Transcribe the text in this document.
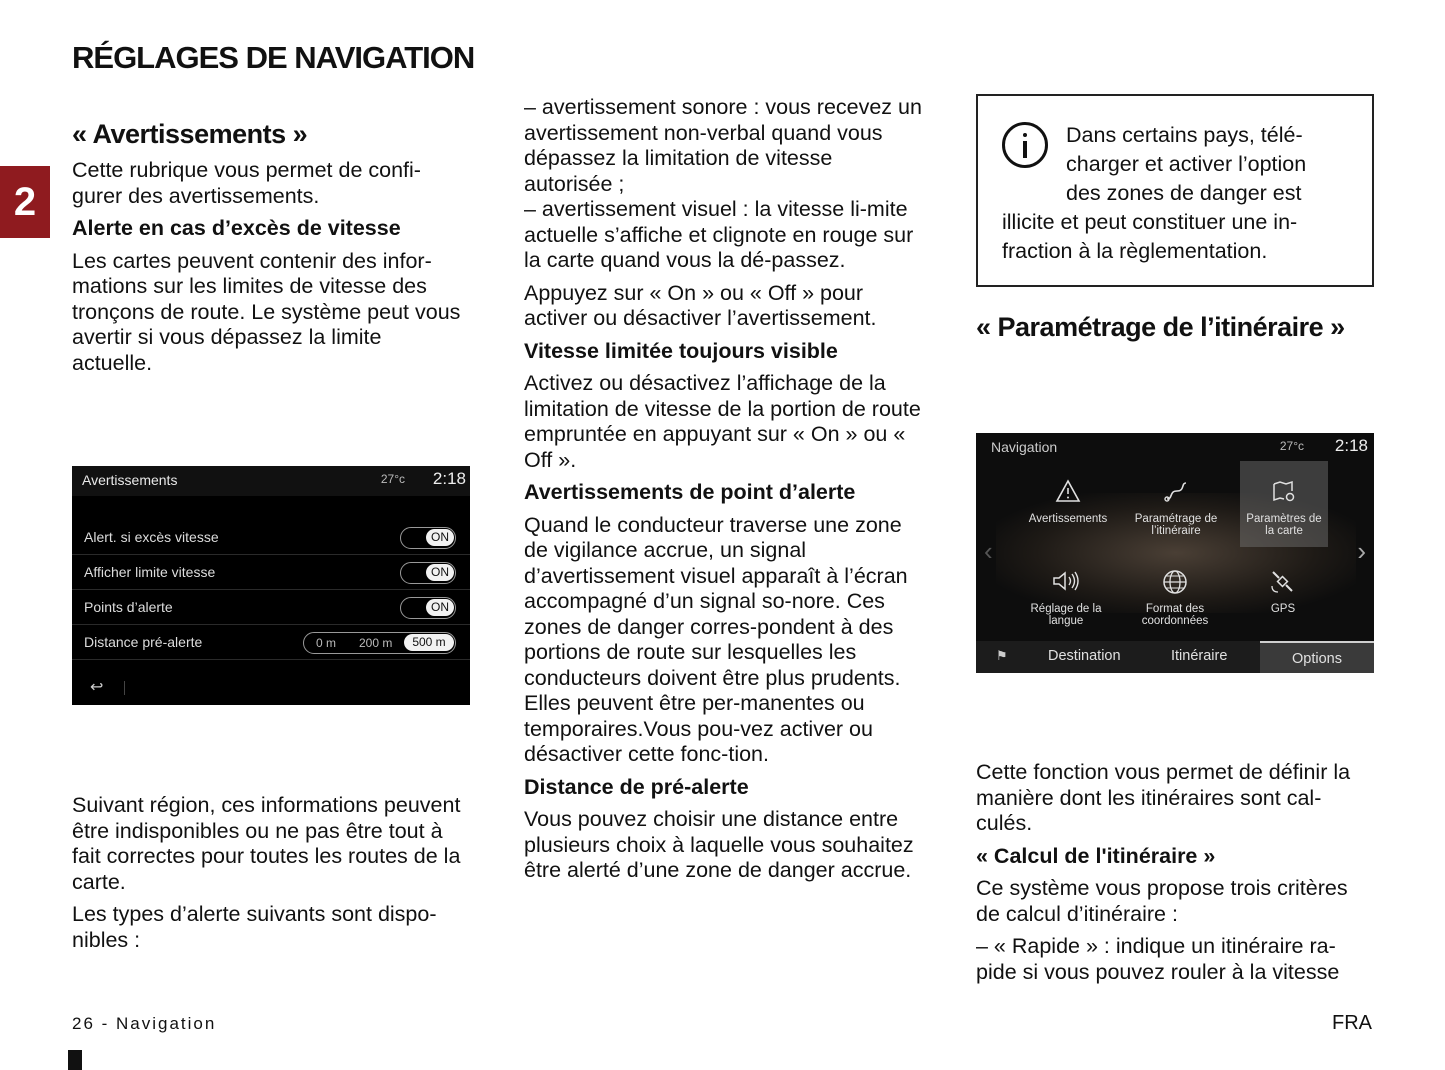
RÉGLAGES DE NAVIGATION
2

« Avertissements »

Cette rubrique vous permet de confi-gurer des avertissements.

Alerte en cas d’excès de vitesse

Les cartes peuvent contenir des infor-mations sur les limites de vitesse des tronçons de route. Le système peut vous avertir si vous dépassez la limite actuelle.

Avertissements	27°c 2:18
Alert. si excès vitesse	ON
Afficher limite vitesse	ON
Points d’alerte	ON
Distance pré-alerte	0 m 200 m	500 m
↩

Suivant région, ces informations peuvent être indisponibles ou ne pas être tout à fait correctes pour toutes les routes de la carte.

Les types d’alerte suivants sont dispo-nibles :

– avertissement sonore : vous recevez un avertissement non-verbal quand vous dépassez la limitation de vitesse autorisée ;

– avertissement visuel : la vitesse li-mite actuelle s’affiche et clignote en rouge sur la carte quand vous la dé-passez.

Appuyez sur « On » ou « Off » pour activer ou désactiver l’avertissement.

Vitesse limitée toujours visible

Activez ou désactivez l’affichage de la limitation de vitesse de la portion de route empruntée en appuyant sur « On » ou « Off ».

Avertissements de point d’alerte

Quand le conducteur traverse une zone de vigilance accrue, un signal d’avertissement visuel apparaît à l’écran accompagné d’un signal so-nore. Ces zones de danger corres-pondent à des portions de route sur lesquelles les conducteurs doivent être plus prudents. Elles peuvent être per-manentes ou temporaires.Vous pou-vez activer ou désactiver cette fonc-tion.

Distance de pré-alerte

Vous pouvez choisir une distance entre plusieurs choix à laquelle vous souhaitez être alerté d’une zone de danger accrue.

Dans certains pays, télé-
charger et activer l’option
des zones de danger est
illicite et peut constituer une in-
fraction à la règlementation.

« Paramétrage de l’itinéraire »

Navigation	27°c 2:18
‹	›
Avertissements	Paramétrage de
l’itinéraire
Paramètres de
la carte
Réglage de la
langue
Format des
coordonnées
GPS
⚑	Destination	Itinéraire	Options

Cette fonction vous permet de définir la manière dont les itinéraires sont cal-culés.

« Calcul de l'itinéraire »

Ce système vous propose trois critères de calcul d’itinéraire :

– « Rapide » : indique un itinéraire ra-pide si vous pouvez rouler à la vitesse

26 - Navigation	FRA
